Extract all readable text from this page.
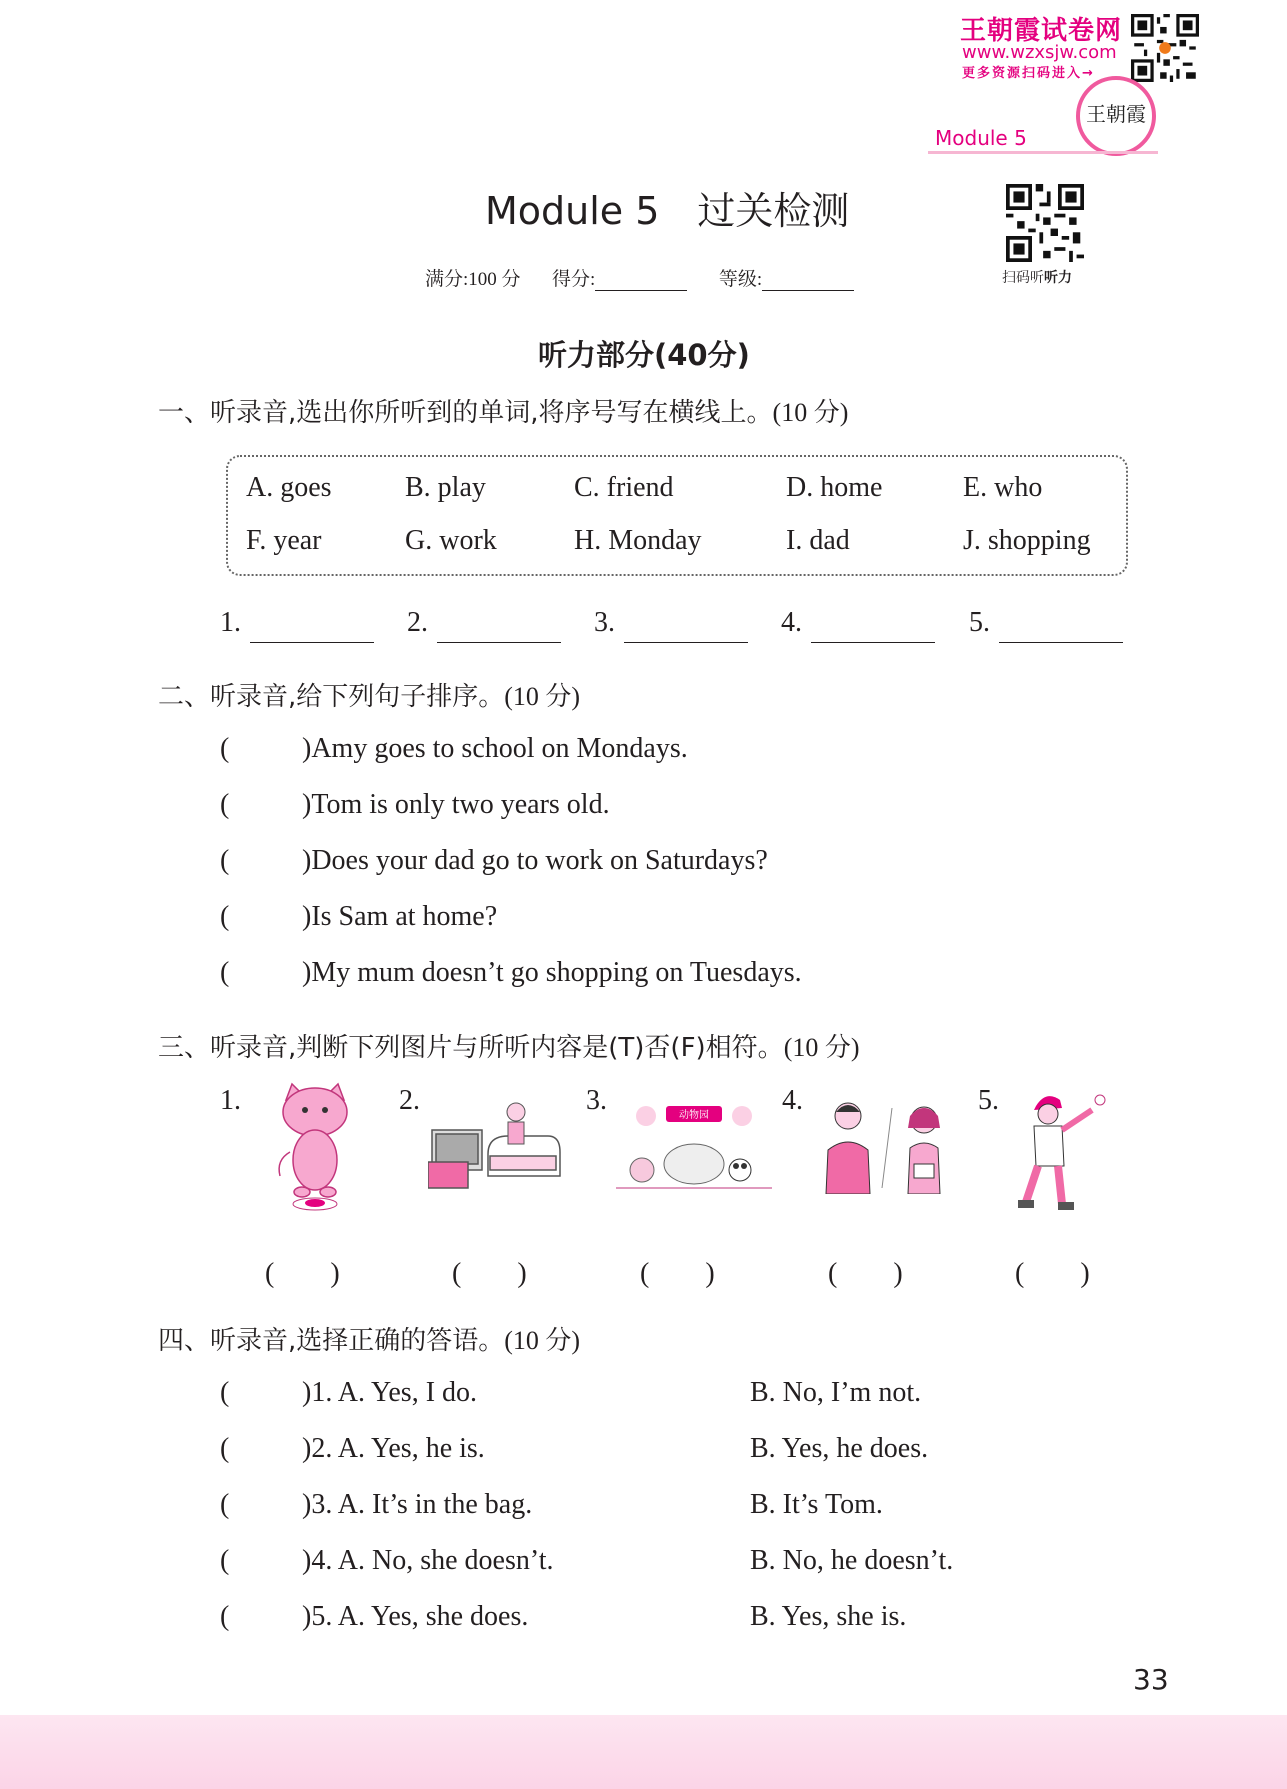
王朝霞试卷网
www.wzxsjw.com
更多资源扫码进入→
王朝霞
Module 5
Module 5　过关检测
扫码听听力
满分:100 分 得分:	等级:
听力部分(40分)
一、听录音,选出你所听到的单词,将序号写在横线上。(10 分)
A. goes	B. play	C. friend	D. home	E. who
F. year	G. work	H. Monday	I. dad	J. shopping
1.	2.	3.	4.	5.
二、听录音,给下列句子排序。(10 分)
(	)Amy goes to school on Mondays.
(	)Tom is only two years old.
(	)Does your dad go to work on Saturdays?
(	)Is Sam at home?
(	)My mum doesn’t go shopping on Tuesdays.
三、听录音,判断下列图片与所听内容是(T)否(F)相符。(10 分)
1.	2.	3.	4.	5.
动物园
(　　)	(　　)	(　　)	(　　)	(　　)
四、听录音,选择正确的答语。(10 分)
(	)1. A. Yes, I do.	B. No, I’m not.
(	)2. A. Yes, he is.	B. Yes, he does.
(	)3. A. It’s in the bag.	B. It’s Tom.
(	)4. A. No, she doesn’t.	B. No, he doesn’t.
(	)5. A. Yes, she does.	B. Yes, she is.
33
